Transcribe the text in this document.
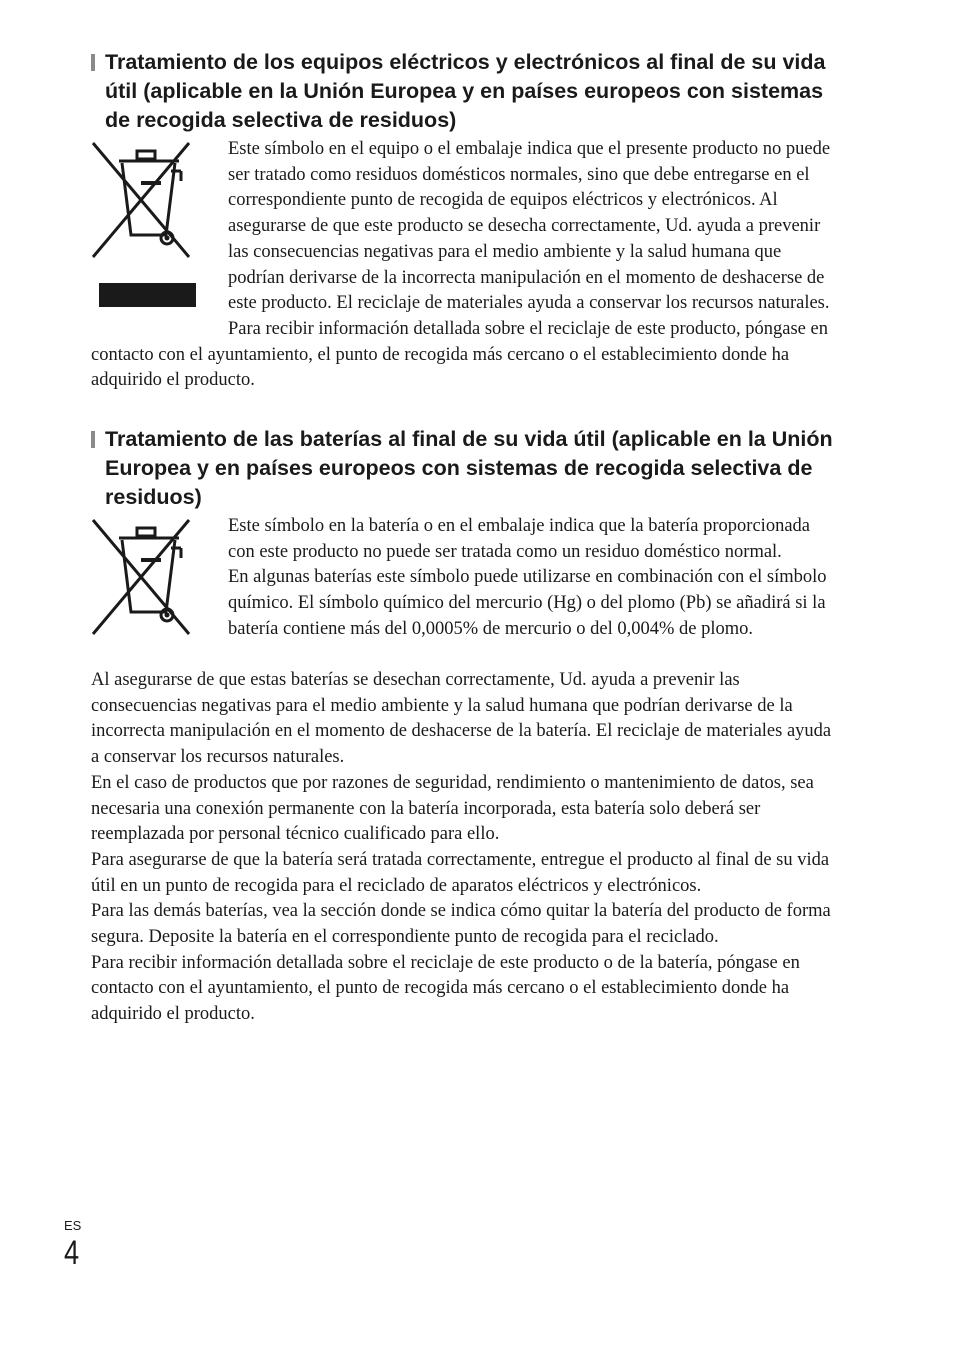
Tratamiento de los equipos eléctricos y electrónicos al final de su vida útil (aplicable en la Unión Europea y en países europeos con sistemas de recogida selectiva de residuos)

Este símbolo en el equipo o el embalaje indica que el presente producto no puede ser tratado como residuos domésticos normales, sino que debe entregarse en el correspondiente punto de recogida de equipos eléctricos y electrónicos. Al asegurarse de que este producto se desecha correctamente, Ud. ayuda a prevenir las consecuencias negativas para el medio ambiente y la salud humana que podrían derivarse de la incorrecta manipulación en el momento de deshacerse de este producto. El reciclaje de materiales ayuda a conservar los recursos naturales. Para recibir información detallada sobre el reciclaje de este producto, póngase en contacto con el ayuntamiento, el punto de recogida más cercano o el establecimiento donde ha adquirido el producto.

Tratamiento de las baterías al final de su vida útil (aplicable en la Unión Europea y en países europeos con sistemas de recogida selectiva de residuos)

Este símbolo en la batería o en el embalaje indica que la batería proporcionada con este producto no puede ser tratada como un residuo doméstico normal.

En algunas baterías este símbolo puede utilizarse en combinación con el símbolo químico. El símbolo químico del mercurio (Hg) o del plomo (Pb) se añadirá si la batería contiene más del 0,0005% de mercurio o del 0,004% de plomo.

Al asegurarse de que estas baterías se desechan correctamente, Ud. ayuda a prevenir las consecuencias negativas para el medio ambiente y la salud humana que podrían derivarse de la incorrecta manipulación en el momento de deshacerse de la batería. El reciclaje de materiales ayuda a conservar los recursos naturales.

En el caso de productos que por razones de seguridad, rendimiento o mantenimiento de datos, sea necesaria una conexión permanente con la batería incorporada, esta batería solo deberá ser reemplazada por personal técnico cualificado para ello.

Para asegurarse de que la batería será tratada correctamente, entregue el producto al final de su vida útil en un punto de recogida para el reciclado de aparatos eléctricos y electrónicos.

Para las demás baterías, vea la sección donde se indica cómo quitar la batería del producto de forma segura. Deposite la batería en el correspondiente punto de recogida para el reciclado.

Para recibir información detallada sobre el reciclaje de este producto o de la batería, póngase en contacto con el ayuntamiento, el punto de recogida más cercano o el establecimiento donde ha adquirido el producto.

ES
4
